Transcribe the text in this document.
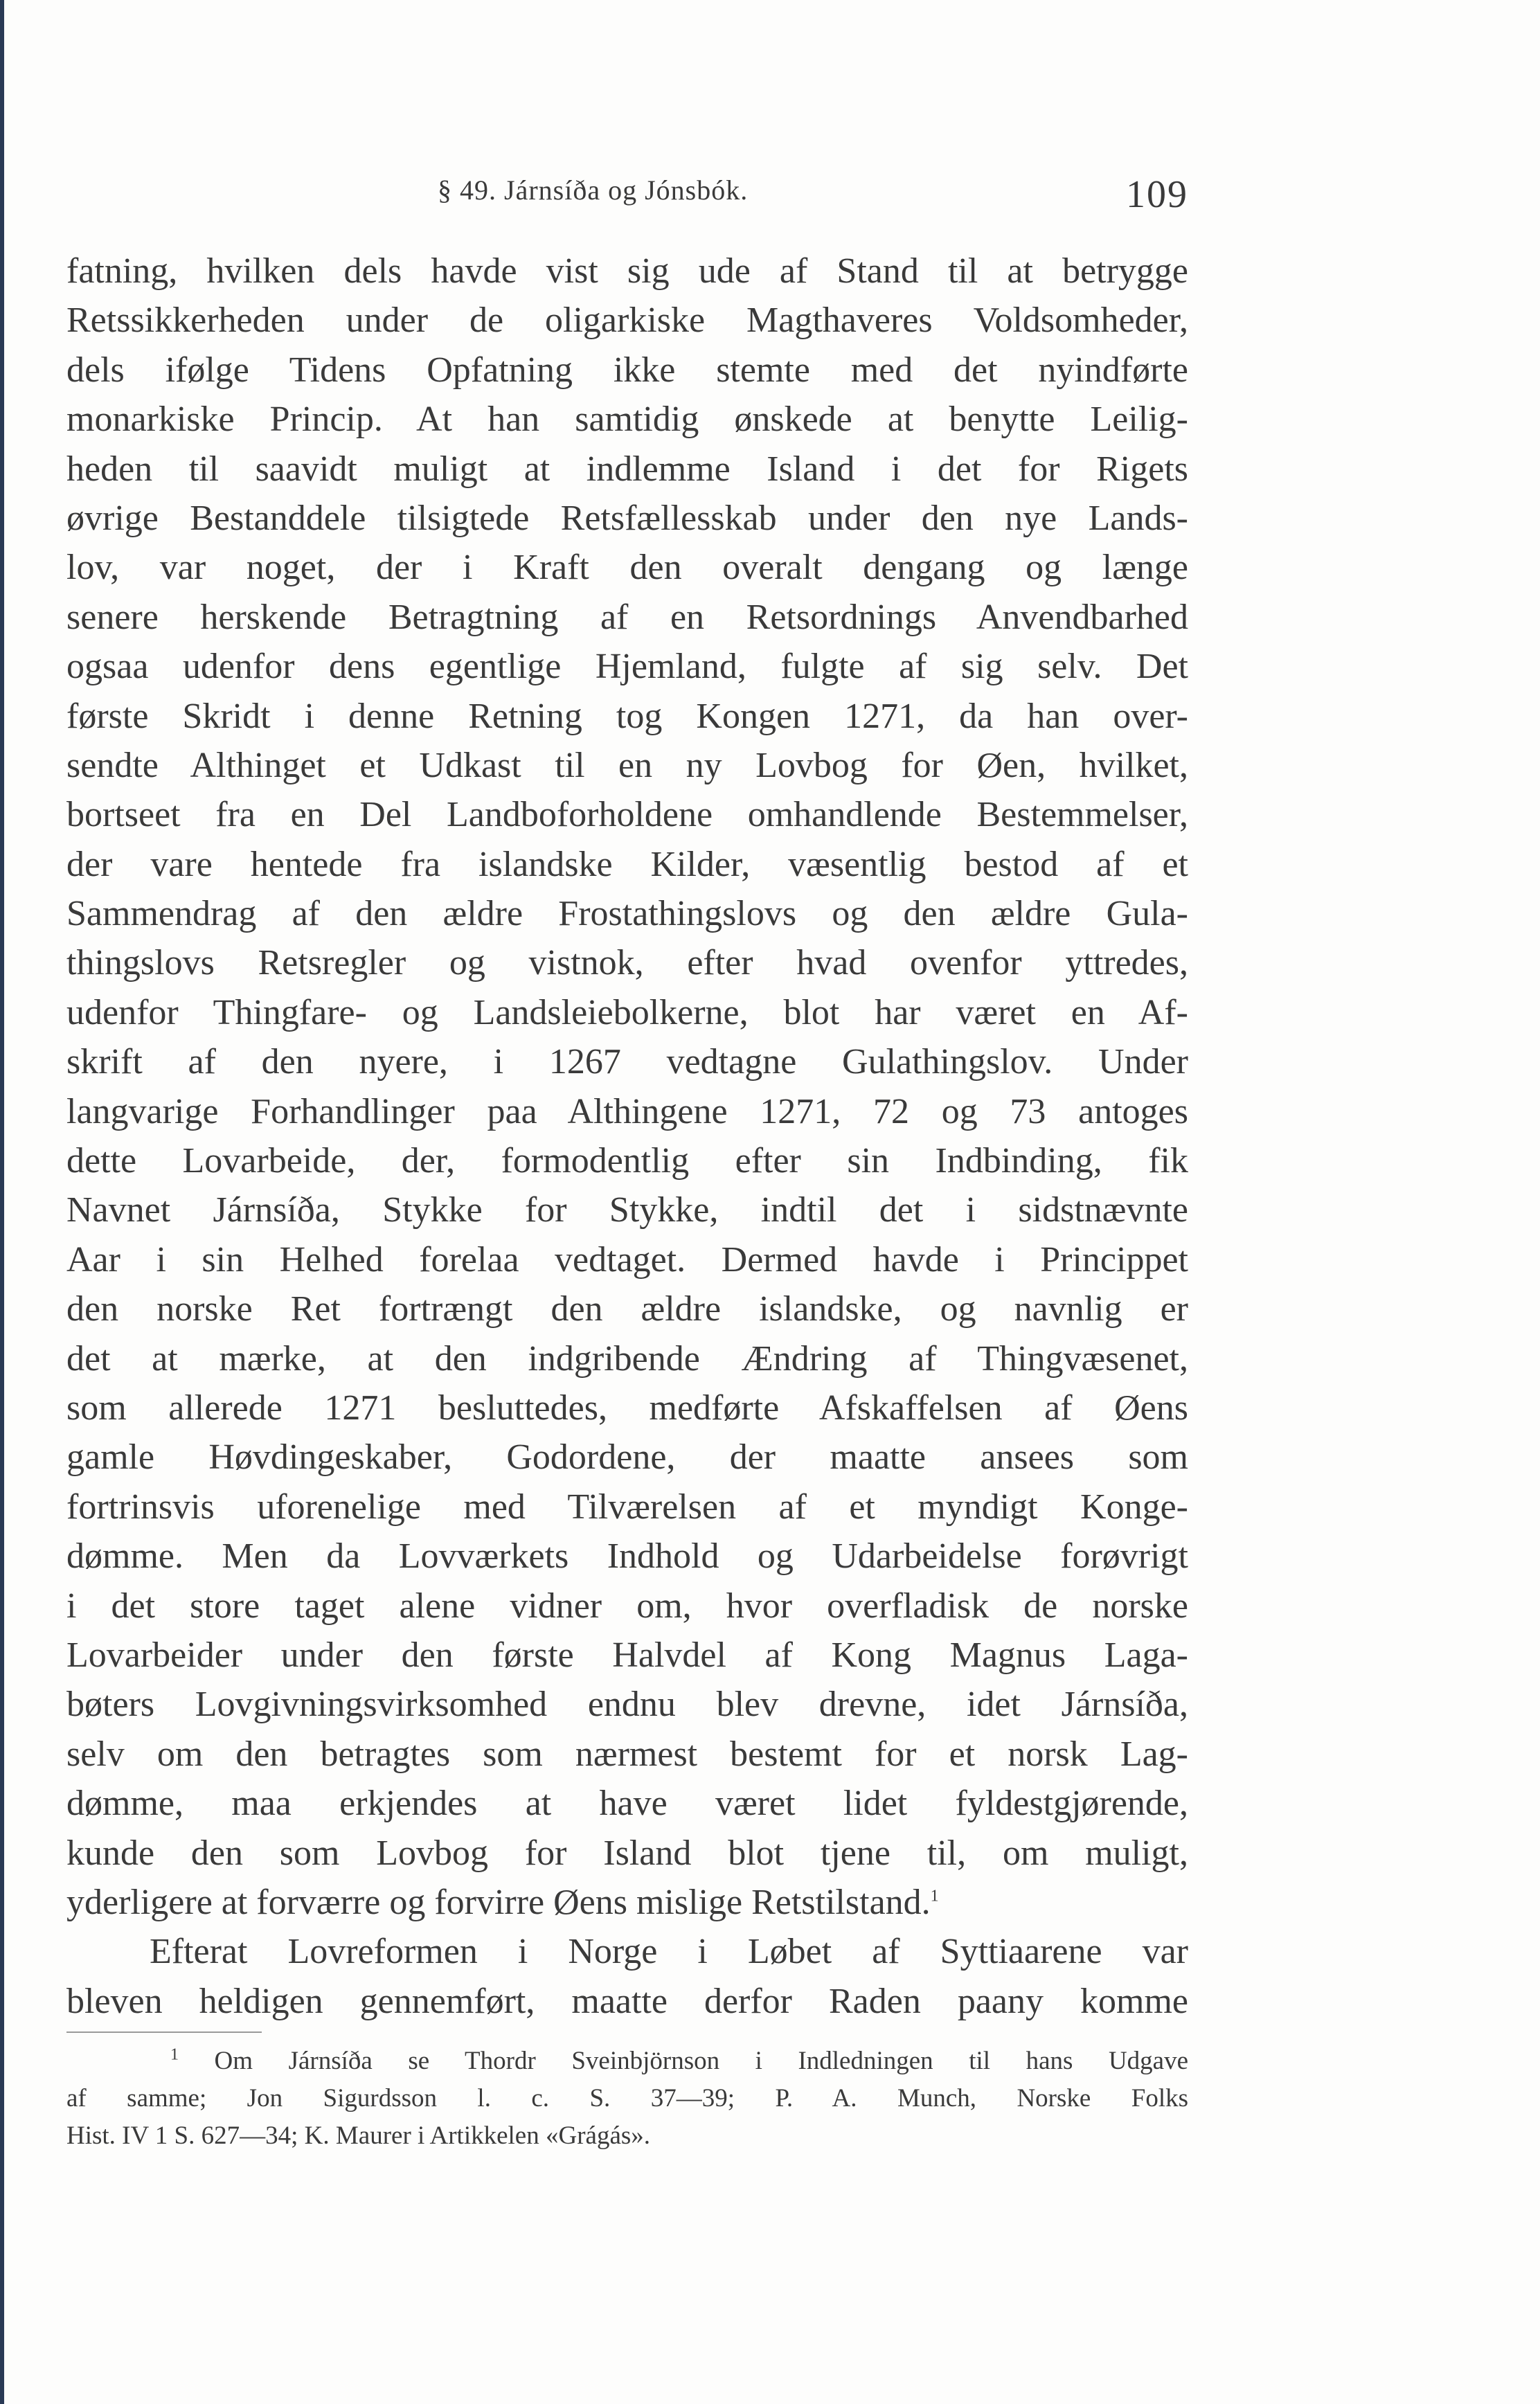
§ 49. Járnsíða og Jónsbók.	109
fatning, hvilken dels havde vist sig ude af Stand til at betrygge
Retssikkerheden under de oligarkiske Magthaveres Voldsomheder,
dels ifølge Tidens Opfatning ikke stemte med det nyindførte
monarkiske Princip. At han samtidig ønskede at benytte Leilig-
heden til saavidt muligt at indlemme Island i det for Rigets
øvrige Bestanddele tilsigtede Retsfællesskab under den nye Lands-
lov, var noget, der i Kraft den overalt dengang og længe
senere herskende Betragtning af en Retsordnings Anvendbarhed
ogsaa udenfor dens egentlige Hjemland, fulgte af sig selv. Det
første Skridt i denne Retning tog Kongen 1271, da han over-
sendte Althinget et Udkast til en ny Lovbog for Øen, hvilket,
bortseet fra en Del Landboforholdene omhandlende Bestemmelser,
der vare hentede fra islandske Kilder, væsentlig bestod af et
Sammendrag af den ældre Frostathingslovs og den ældre Gula-
thingslovs Retsregler og vistnok, efter hvad ovenfor yttredes,
udenfor Thingfare- og Landsleiebolkerne, blot har været en Af-
skrift af den nyere, i 1267 vedtagne Gulathingslov. Under
langvarige Forhandlinger paa Althingene 1271, 72 og 73 antoges
dette Lovarbeide, der, formodentlig efter sin Indbinding, fik
Navnet Járnsíða, Stykke for Stykke, indtil det i sidstnævnte
Aar i sin Helhed forelaa vedtaget. Dermed havde i Princippet
den norske Ret fortrængt den ældre islandske, og navnlig er
det at mærke, at den indgribende Ændring af Thingvæsenet,
som allerede 1271 besluttedes, medførte Afskaffelsen af Øens
gamle Høvdingeskaber, Godordene, der maatte ansees som
fortrinsvis uforenelige med Tilværelsen af et myndigt Konge-
dømme. Men da Lovværkets Indhold og Udarbeidelse forøvrigt
i det store taget alene vidner om, hvor overfladisk de norske
Lovarbeider under den første Halvdel af Kong Magnus Laga-
bøters Lovgivningsvirksomhed endnu blev drevne, idet Járnsíða,
selv om den betragtes som nærmest bestemt for et norsk Lag-
dømme, maa erkjendes at have været lidet fyldestgjørende,
kunde den som Lovbog for Island blot tjene til, om muligt,
yderligere at forværre og forvirre Øens mislige Retstilstand.$^1$
Efterat Lovreformen i Norge i Løbet af Syttiaarene var
bleven heldigen gennemført, maatte derfor Raden paany komme
$^1$ Om Járnsíða se Thordr Sveinbjörnson i Indledningen til hans Udgave
af samme; Jon Sigurdsson l. c. S. 37—39; P. A. Munch, Norske Folks
Hist. IV 1 S. 627—34; K. Maurer i Artikkelen «Grágás».
